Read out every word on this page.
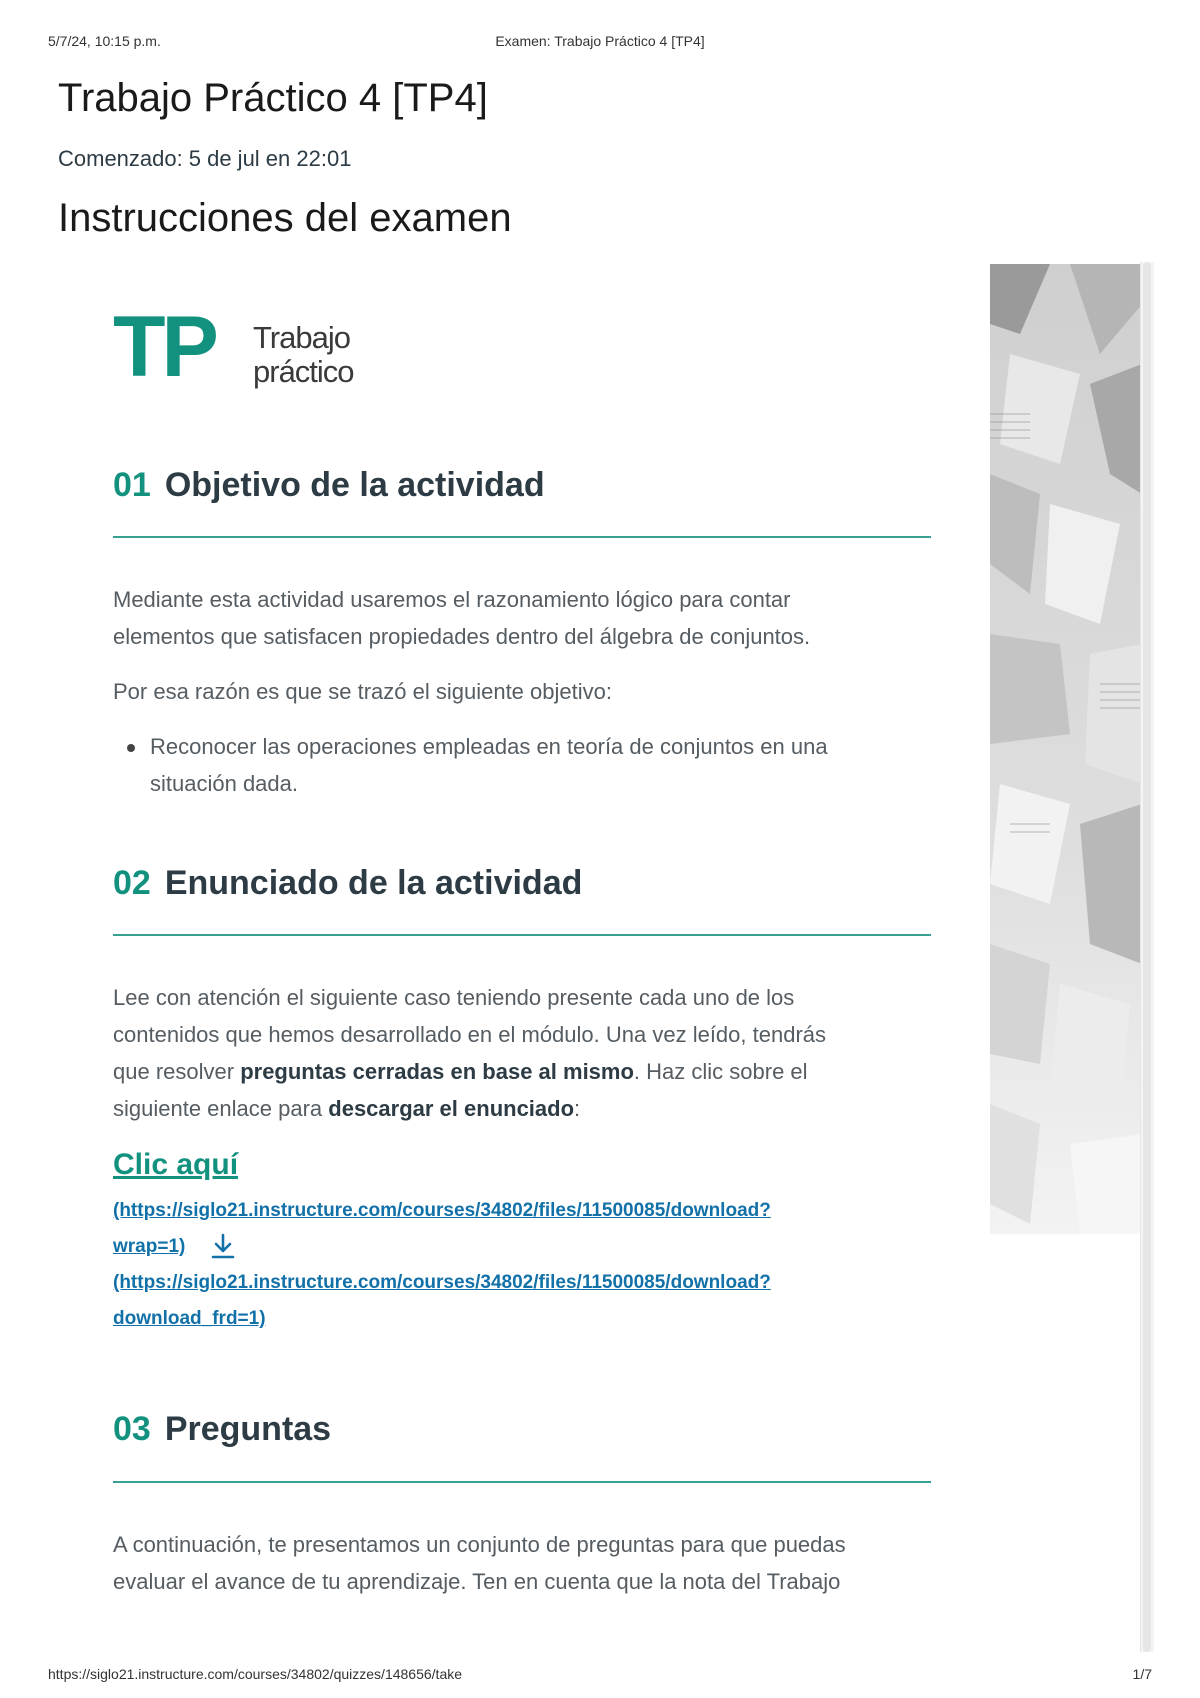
5/7/24, 10:15 p.m.	Examen: Trabajo Práctico 4 [TP4]
Trabajo Práctico 4 [TP4]
Comenzado: 5 de jul en 22:01
Instrucciones del examen
TP Trabajo
práctico
01 Objetivo de la actividad
Mediante esta actividad usaremos el razonamiento lógico para contar
elementos que satisfacen propiedades dentro del álgebra de conjuntos.
Por esa razón es que se trazó el siguiente objetivo:
Reconocer las operaciones empleadas en teoría de conjuntos en una
situación dada.
02 Enunciado de la actividad
Lee con atención el siguiente caso teniendo presente cada uno de los
contenidos que hemos desarrollado en el módulo. Una vez leído, tendrás
que resolver preguntas cerradas en base al mismo. Haz clic sobre el
siguiente enlace para descargar el enunciado:
Clic aquí
(https://siglo21.instructure.com/courses/34802/files/11500085/download?
wrap=1)
(https://siglo21.instructure.com/courses/34802/files/11500085/download?
download_frd=1)
03 Preguntas
A continuación, te presentamos un conjunto de preguntas para que puedas
evaluar el avance de tu aprendizaje. Ten en cuenta que la nota del Trabajo
https://siglo21.instructure.com/courses/34802/quizzes/148656/take	1/7
